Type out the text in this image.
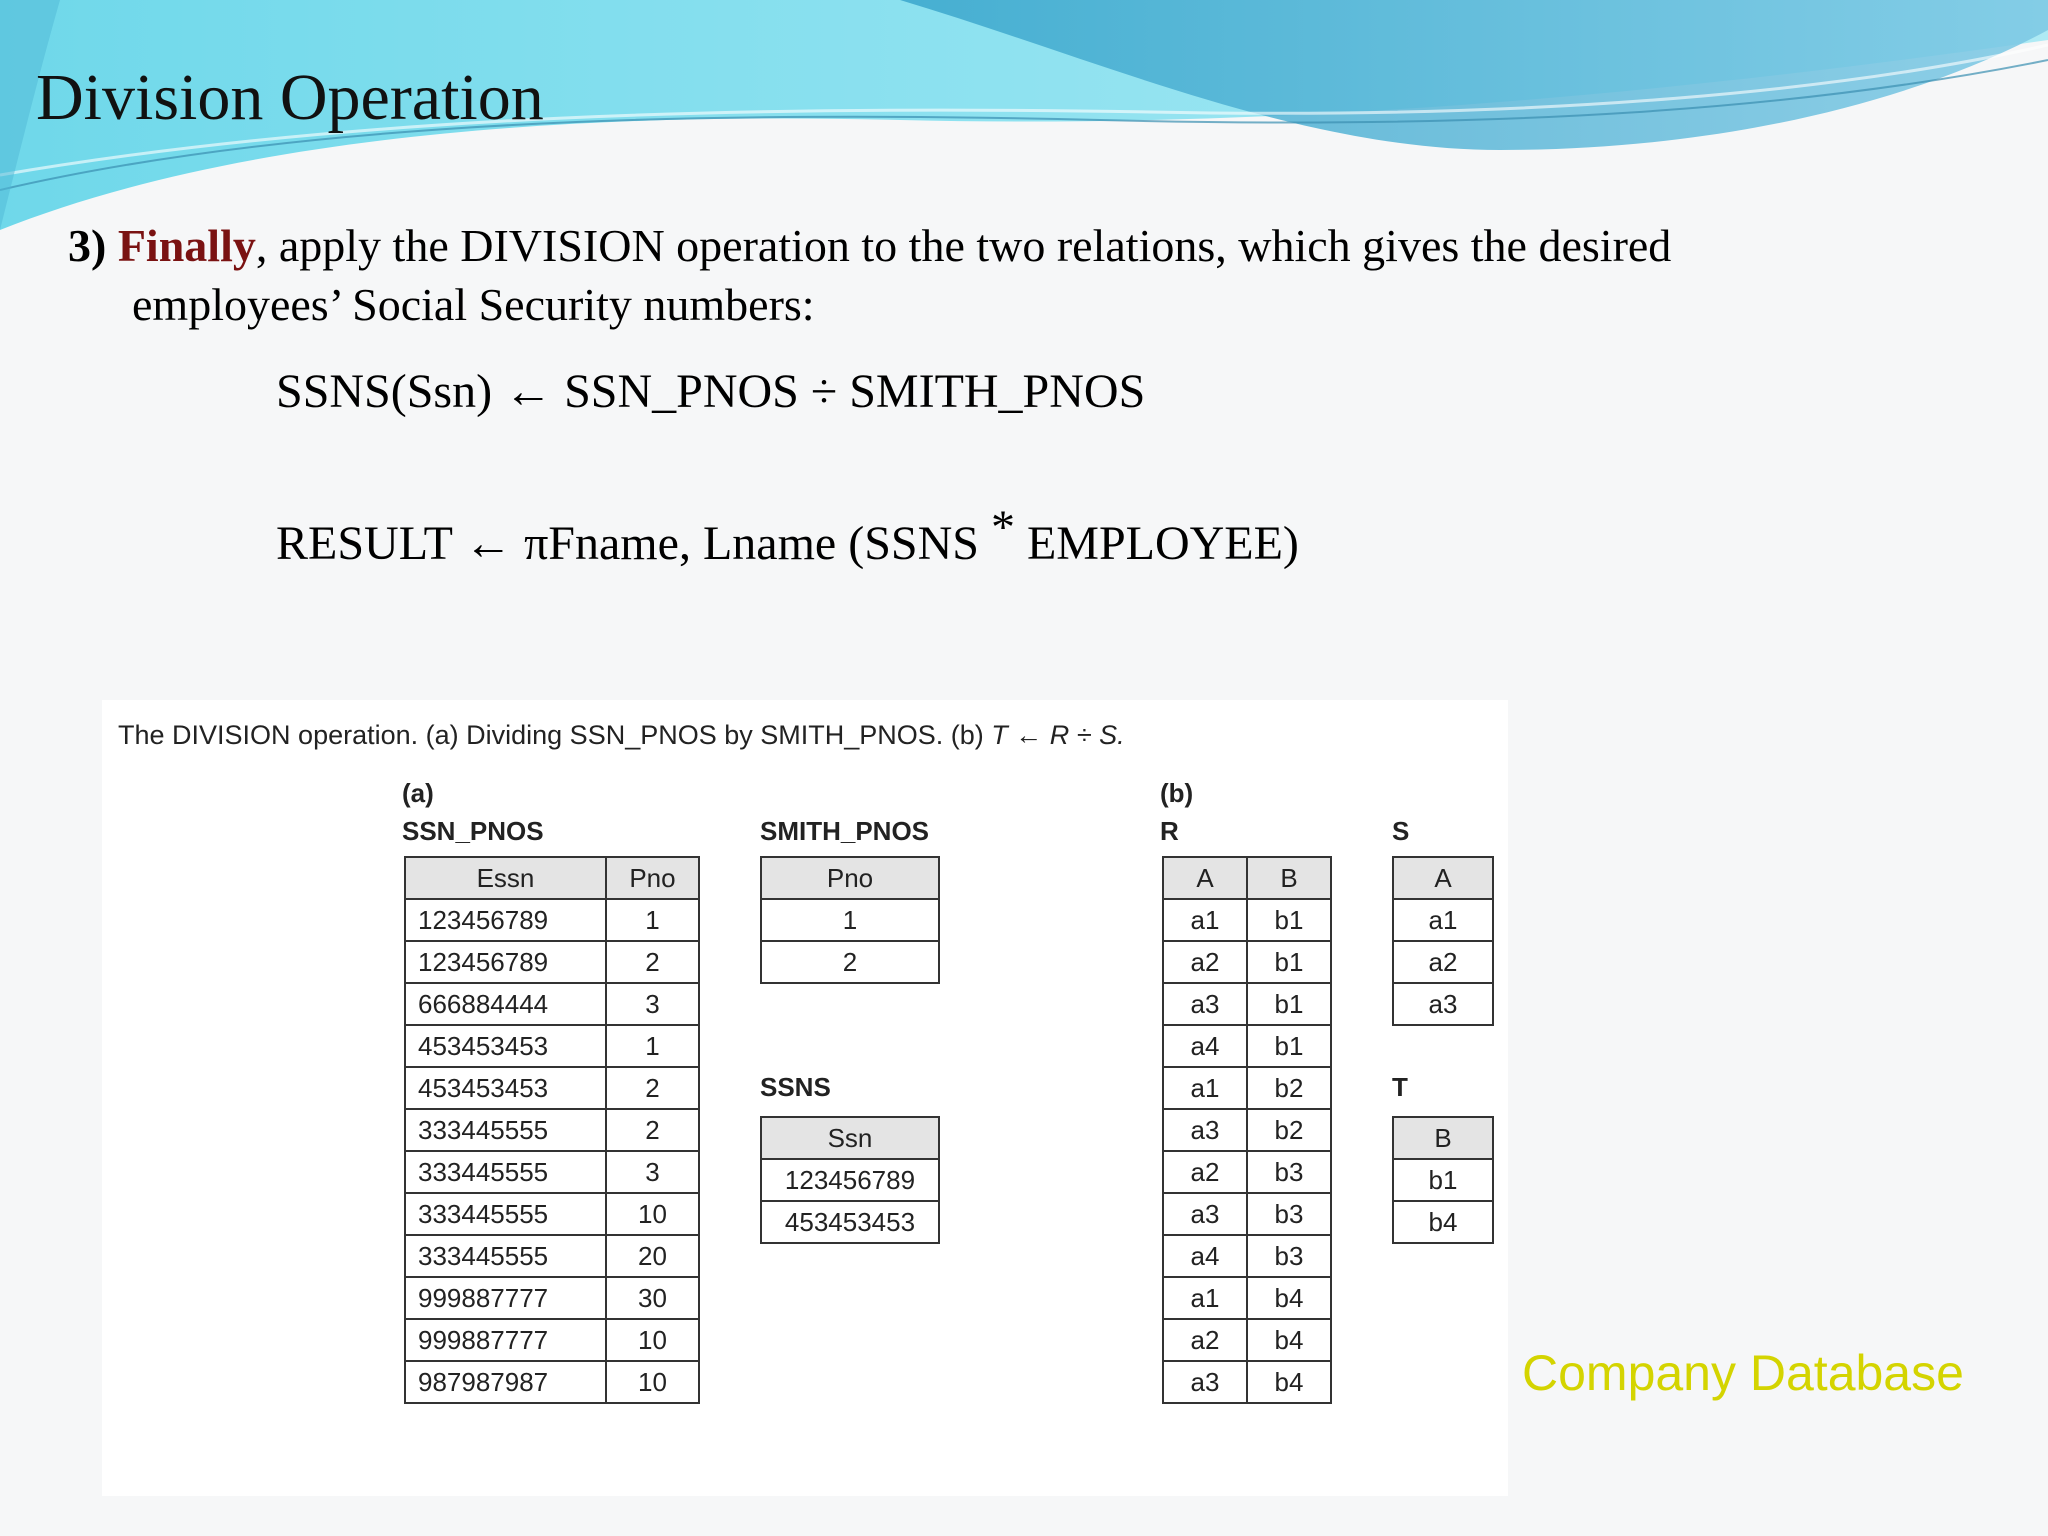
Division Operation

3) Finally, apply the DIVISION operation to the two relations, which gives the desired
employees’ Social Security numbers:

SSNS(Ssn) ← SSN_PNOS ÷ SMITH_PNOS

RESULT ← πFname, Lname (SSNS * EMPLOYEE)

The DIVISION operation. (a) Dividing SSN_PNOS by SMITH_PNOS. (b) T ← R ÷ S.
(a)
SSN_PNOS
Essn	Pno
123456789	1
123456789	2
666884444	3
453453453	1
453453453	2
333445555	2
333445555	3
333445555	10
333445555	20
999887777	30
999887777	10
987987987	10
SMITH_PNOS
Pno
1
2
SSNS
Ssn
123456789
453453453
(b)
R
A	B
a1	b1
a2	b1
a3	b1
a4	b1
a1	b2
a3	b2
a2	b3
a3	b3
a4	b3
a1	b4
a2	b4
a3	b4
S
A
a1
a2
a3
T
B
b1
b4
Company Database
